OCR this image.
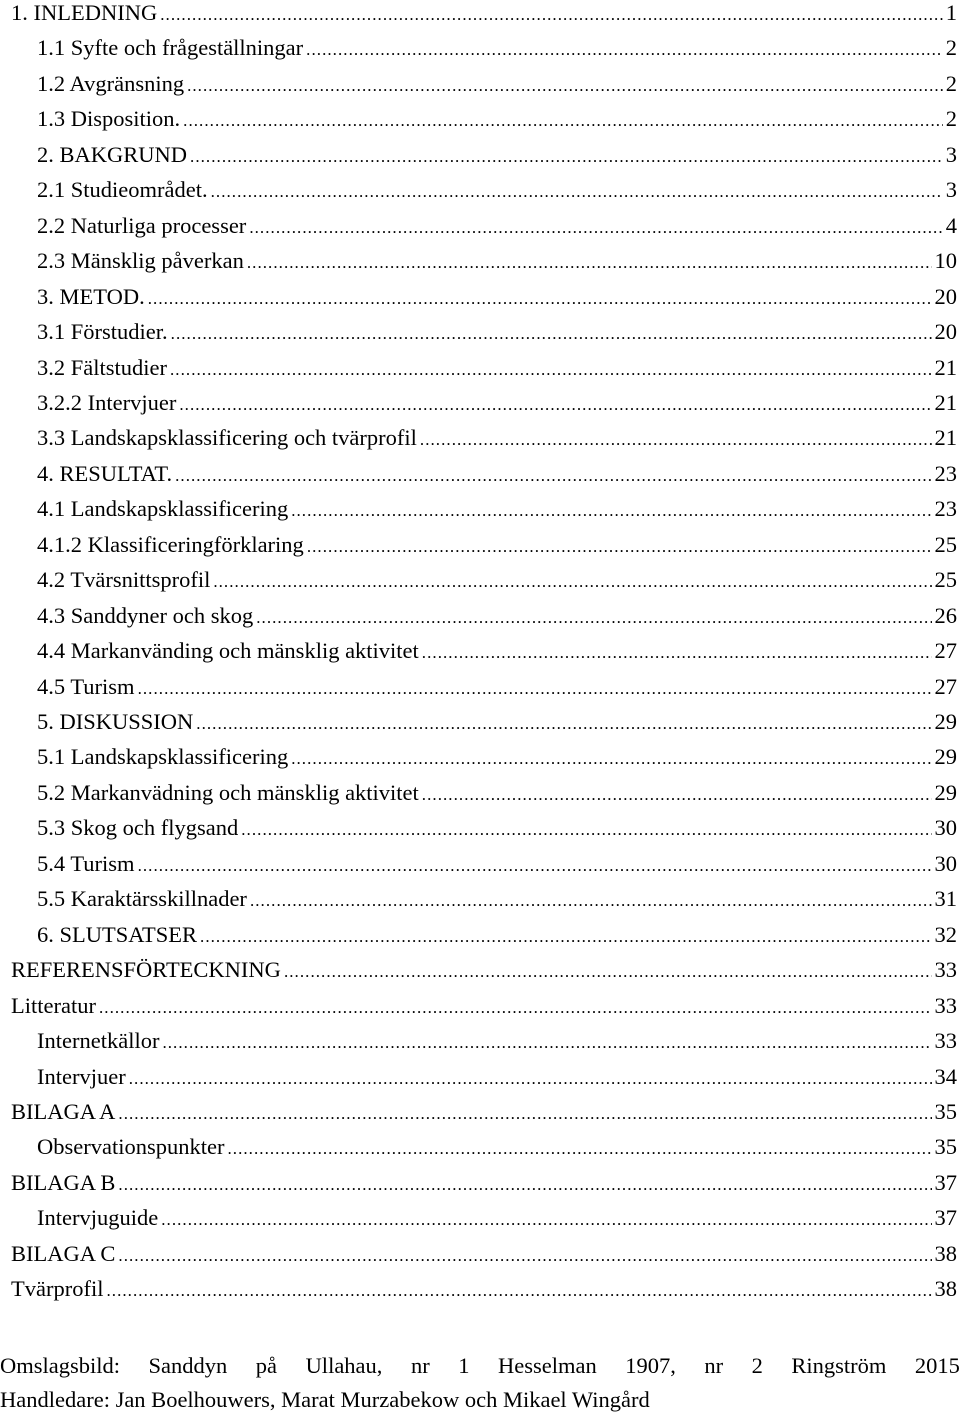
1. INLEDNING . . .	1
1.1 Syfte och frågeställningar . . .	2
1.2 Avgränsning . . .	2
1.3 Disposition. . . .	2
2. BAKGRUND . . .	3
2.1 Studieområdet. . . .	3
2.2 Naturliga processer . . .	4
2.3 Mänsklig påverkan . . .	10
3. METOD. . . .	20
3.1 Förstudier. . . .	20
3.2 Fältstudier . . .	21
3.2.2 Intervjuer . . .	21
3.3 Landskapsklassificering och tvärprofil . . .	21
4. RESULTAT. . . .	23
4.1 Landskapsklassificering . . .	23
4.1.2 Klassificeringförklaring . . .	25
4.2 Tvärsnittsprofil . . .	25
4.3 Sanddyner och skog . . .	26
4.4 Markanvänding och mänsklig aktivitet . . .	27
4.5 Turism . . .	27
5. DISKUSSION . . .	29
5.1 Landskapsklassificering . . .	29
5.2 Markanvädning och mänsklig aktivitet . . .	29
5.3 Skog och flygsand . . .	30
5.4 Turism . . .	30
5.5 Karaktärsskillnader . . .	31
6. SLUTSATSER . . .	32
REFERENSFÖRTECKNING . . .	33
Litteratur . . .	33
Internetkällor . . .	33
Intervjuer . . .	34
BILAGA A . . .	35
Observationspunkter . . .	35
BILAGA B . . .	37
Intervjuguide . . .	37
BILAGA C . . .	38
Tvärprofil . . .	38
Omslagsbild: Sanddyn på Ullahau, nr 1 Hesselman 1907, nr 2 Ringström 2015
Handledare: Jan Boelhouwers, Marat Murzabekow och Mikael Wingård
